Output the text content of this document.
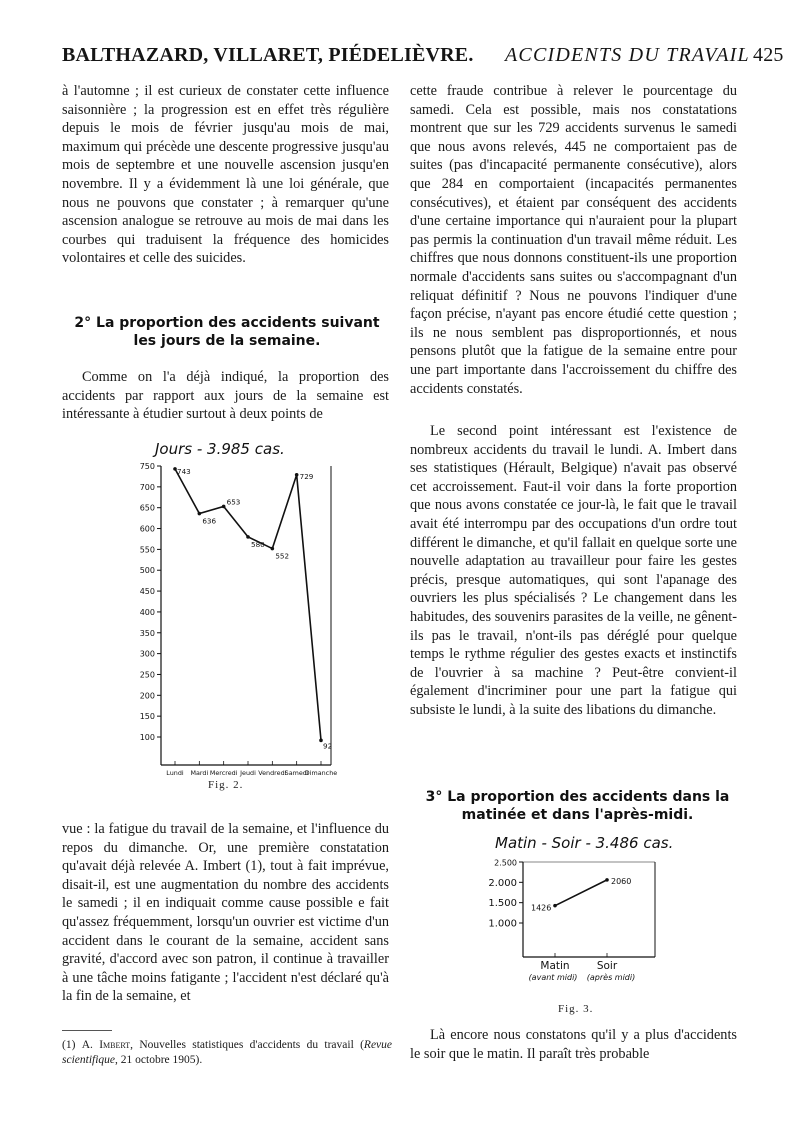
BALTHAZARD, VILLARET, PIÉDELIÈVRE. ACCIDENTS DU TRAVAIL 425

à l'automne ; il est curieux de constater cette influence saisonnière ; la progression est en effet très régulière depuis le mois de février jusqu'au mois de mai, maximum qui précède une descente progressive jusqu'au mois de septembre et une nouvelle ascension jusqu'en novembre. Il y a évidemment là une loi générale, que nous ne pouvons que constater ; à remarquer qu'une ascension analogue se retrouve au mois de mai dans les courbes qui traduisent la fréquence des homicides volontaires et celle des suicides.

2° La proportion des accidents suivant les jours de la semaine.

Comme on l'a déjà indiqué, la proportion des accidents par rapport aux jours de la semaine est intéressante à étudier surtout à deux points de

Jours - 3.985 cas.
750
700
650
600
550
500
450
400
350
300
250
200
150
100
Lundi Mardi Mercredi Jeudi Vendredi
Samedi
Dimanche
743
636
653
580
552
729
92
Fig. 2.

vue : la fatigue du travail de la semaine, et l'influence du repos du dimanche. Or, une première constatation qu'avait déjà relevée A. Imbert (1), tout à fait imprévue, disait-il, est une augmentation du nombre des accidents le samedi ; il en indiquait comme cause possible e fait qu'assez fréquemment, lorsqu'un ouvrier est victime d'un accident dans le courant de la semaine, accident sans gravité, d'accord avec son patron, il continue à travailler à une tâche moins fatigante ; l'accident n'est déclaré qu'à la fin de la semaine, et

(1) A. Imbert, Nouvelles statistiques d'accidents du travail (Revue scientifique, 21 octobre 1905).

cette fraude contribue à relever le pourcentage du samedi. Cela est possible, mais nos constatations montrent que sur les 729 accidents survenus le samedi que nous avons relevés, 445 ne comportaient pas de suites (pas d'incapacité permanente consécutive), alors que 284 en comportaient (incapacités permanentes consécutives), et étaient par conséquent des accidents d'une certaine importance qui n'auraient pour la plupart pas permis la continuation d'un travail même réduit. Les chiffres que nous donnons constituent-ils une proportion normale d'accidents sans suites ou s'accompagnant d'un reliquat définitif ? Nous ne pouvons l'indiquer d'une façon précise, n'ayant pas encore étudié cette question ; ils ne nous semblent pas disproportionnés, et nous pensons plutôt que la fatigue de la semaine entre pour une part importante dans l'accroissement du chiffre des accidents constatés.

Le second point intéressant est l'existence de nombreux accidents du travail le lundi. A. Imbert dans ses statistiques (Hérault, Belgique) n'avait pas observé cet accroissement. Faut-il voir dans la forte proportion que nous avons constatée ce jour-là, le fait que le travail avait été interrompu par des occupations d'un ordre tout différent le dimanche, et qu'il fallait en quelque sorte une nouvelle adaptation au travailleur pour faire les gestes précis, presque automatiques, qui sont l'apanage des ouvriers les plus spécialisés ? Le changement dans les habitudes, des souvenirs parasites de la veille, ne gênent-ils pas le travail, n'ont-ils pas déréglé pour quelque temps le rythme régulier des gestes exacts et instinctifs de l'ouvrier à sa machine ? Peut-être convient-il également d'incriminer pour une part la fatigue qui subsiste le lundi, à la suite des libations du dimanche.

3° La proportion des accidents dans la matinée et dans l'après-midi.
Matin - Soir - 3.486 cas.
2.500
2.000
1.500
1.000
Matin
(avant midi)
Soir
(après midi)
1426
2060
Fig. 3.

Là encore nous constatons qu'il y a plus d'accidents le soir que le matin. Il paraît très probable
